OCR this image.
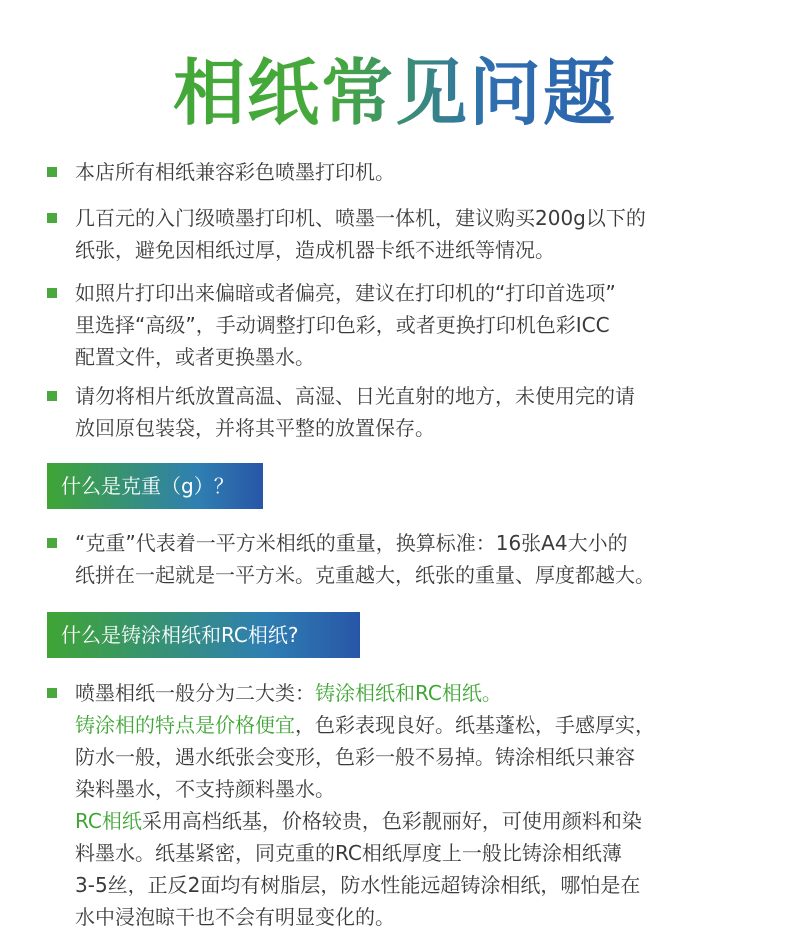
相纸常见问题
本店所有相纸兼容彩色喷墨打印机。
几百元的入门级喷墨打印机、喷墨一体机，建议购买200g以下的
纸张，避免因相纸过厚，造成机器卡纸不进纸等情况。
如照片打印出来偏暗或者偏亮，建议在打印机的“打印首选项”
里选择“高级”，手动调整打印色彩，或者更换打印机色彩ICC
配置文件，或者更换墨水。
请勿将相片纸放置高温、高湿、日光直射的地方，未使用完的请
放回原包装袋，并将其平整的放置保存。
什么是克重（g）？
“克重”代表着一平方米相纸的重量，换算标准：16张A4大小的
纸拼在一起就是一平方米。克重越大，纸张的重量、厚度都越大。
什么是铸涂相纸和RC相纸?
喷墨相纸一般分为二大类：铸涂相纸和RC相纸。
铸涂相的特点是价格便宜，色彩表现良好。纸基蓬松，手感厚实，
防水一般，遇水纸张会变形，色彩一般不易掉。铸涂相纸只兼容
染料墨水，不支持颜料墨水。
RC相纸采用高档纸基，价格较贵，色彩靓丽好，可使用颜料和染
料墨水。纸基紧密，同克重的RC相纸厚度上一般比铸涂相纸薄
3-5丝，正反2面均有树脂层，防水性能远超铸涂相纸，哪怕是在
水中浸泡晾干也不会有明显变化的。
